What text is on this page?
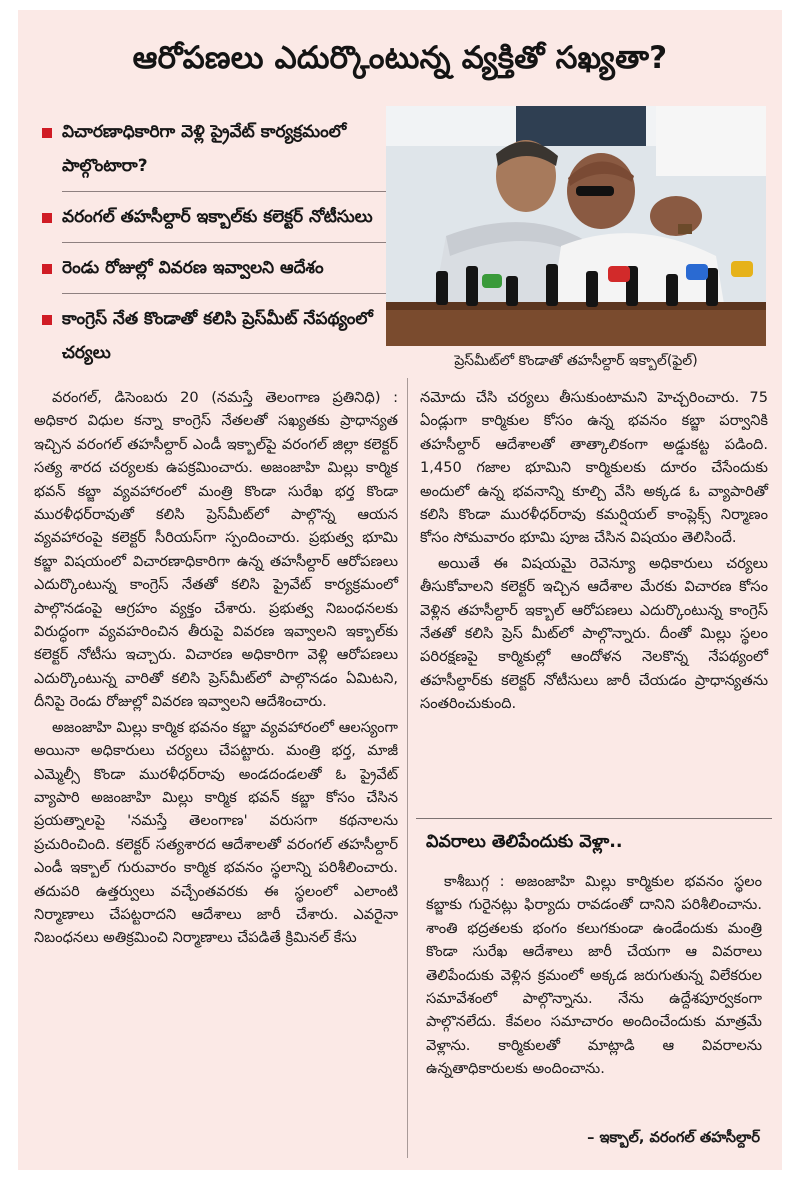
ఆరోపణలు ఎదుర్కొంటున్న వ్యక్తితో సఖ్యతా?
విచారణాధికారిగా వెళ్లి ప్రైవేట్ కార్యక్రమంలో పాల్గొంటారా?
వరంగల్ తహసీల్దార్ ఇక్బాల్‌కు కలెక్టర్ నోటీసులు
రెండు రోజుల్లో వివరణ ఇవ్వాలని ఆదేశం
కాంగ్రెస్ నేత కొండాతో కలిసి ప్రెస్‌మీట్ నేపథ్యంలో చర్యలు	ప్రెస్‌మీట్‌లో కొండాతో తహసీల్దార్ ఇక్బాల్(ఫైల్)

వరంగల్, డిసెంబరు 20 (నమస్తే తెలంగాణ ప్రతినిధి) : అధికార విధుల కన్నా కాంగ్రెస్ నేతలతో సఖ్యతకు ప్రాధాన్యత ఇచ్చిన వరంగల్ తహసీల్దార్ ఎండీ ఇక్బాల్‌పై వరంగల్ జిల్లా కలెక్టర్ సత్య శారద చర్యలకు ఉపక్రమించారు. అజంజాహి మిల్లు కార్మిక భవన్ కబ్జా వ్యవహారంలో మంత్రి కొండా సురేఖ భర్త కొండా మురళీధర్‌రావుతో కలిసి ప్రెస్‌మీట్‌లో పాల్గొన్న ఆయన వ్యవహారంపై కలెక్టర్ సీరియస్‌గా స్పందించారు. ప్రభుత్వ భూమి కబ్జా విషయంలో విచారణాధికారిగా ఉన్న తహసీల్దార్ ఆరోపణలు ఎదుర్కొంటున్న కాంగ్రెస్ నేతతో కలిసి ప్రైవేట్ కార్యక్రమంలో పాల్గొనడంపై ఆగ్రహం వ్యక్తం చేశారు. ప్రభుత్వ నిబంధనలకు విరుద్ధంగా వ్యవహరించిన తీరుపై వివరణ ఇవ్వాలని ఇక్బాల్‌కు కలెక్టర్ నోటీసు ఇచ్చారు. విచారణ అధికారిగా వెళ్లి ఆరోపణలు ఎదుర్కొంటున్న వారితో కలిసి ప్రెస్‌మీట్‌లో పాల్గొనడం ఏమిటని, దీనిపై రెండు రోజుల్లో వివరణ ఇవ్వాలని ఆదేశించారు.

అజంజాహి మిల్లు కార్మిక భవనం కబ్జా వ్యవహారంలో ఆలస్యంగా అయినా అధికారులు చర్యలు చేపట్టారు. మంత్రి భర్త, మాజీ ఎమ్మెల్సీ కొండా మురళీధర్‌రావు అండదండలతో ఓ ప్రైవేట్ వ్యాపారి అజంజాహి మిల్లు కార్మిక భవన్ కబ్జా కోసం చేసిన ప్రయత్నాలపై 'నమస్తే తెలంగాణ' వరుసగా కథనాలను ప్రచురించింది. కలెక్టర్ సత్యశారద ఆదేశాలతో వరంగల్ తహసీల్దార్ ఎండీ ఇక్బాల్ గురువారం కార్మిక భవనం స్థలాన్ని పరిశీలించారు. తదుపరి ఉత్తర్వులు వచ్చేంతవరకు ఈ స్థలంలో ఎలాంటి నిర్మాణాలు చేపట్టరాదని ఆదేశాలు జారీ చేశారు. ఎవరైనా నిబంధనలు అతిక్రమించి నిర్మాణాలు చేపడితే క్రిమినల్ కేసు

నమోదు చేసి చర్యలు తీసుకుంటామని హెచ్చరించారు. 75 ఏండ్లుగా కార్మికుల కోసం ఉన్న భవనం కబ్జా పర్వానికి తహసీల్దార్ ఆదేశాలతో తాత్కాలికంగా అడ్డుకట్ట పడింది. 1,450 గజాల భూమిని కార్మికులకు దూరం చేసేందుకు అందులో ఉన్న భవనాన్ని కూల్చి వేసి అక్కడ ఓ వ్యాపారితో కలిసి కొండా మురళీధర్‌రావు కమర్షియల్ కాంప్లెక్స్ నిర్మాణం కోసం సోమవారం భూమి పూజ చేసిన విషయం తెలిసిందే.

అయితే ఈ విషయమై రెవెన్యూ అధికారులు చర్యలు తీసుకోవాలని కలెక్టర్ ఇచ్చిన ఆదేశాల మేరకు విచారణ కోసం వెళ్లిన తహసీల్దార్ ఇక్బాల్ ఆరోపణలు ఎదుర్కొంటున్న కాంగ్రెస్ నేతతో కలిసి ప్రెస్ మీట్‌లో పాల్గొన్నారు. దీంతో మిల్లు స్థలం పరిరక్షణపై కార్మికుల్లో ఆందోళన నెలకొన్న నేపథ్యంలో తహసీల్దార్‌కు కలెక్టర్ నోటీసులు జారీ చేయడం ప్రాధాన్యతను సంతరించుకుంది.

వివరాలు తెలిపేందుకు వెళ్లా..
కాశీబుగ్గ : అజంజాహి మిల్లు కార్మికుల భవనం స్థలం కబ్జాకు గురైనట్లు ఫిర్యాదు రావడంతో దానిని పరిశీలించాను. శాంతి భద్రతలకు భంగం కలుగకుండా ఉండేందుకు మంత్రి కొండా సురేఖ ఆదేశాలు జారీ చేయగా ఆ వివరాలు తెలిపేందుకు వెళ్లిన క్రమంలో అక్కడ జరుగుతున్న విలేకరుల సమావేశంలో పాల్గొన్నాను. నేను ఉద్దేశపూర్వకంగా పాల్గొనలేదు. కేవలం సమాచారం అందించేందుకు మాత్రమే వెళ్లాను. కార్మికులతో మాట్లాడి ఆ వివరాలను ఉన్నతాధికారులకు అందించాను.
– ఇక్బాల్, వరంగల్ తహసీల్దార్
